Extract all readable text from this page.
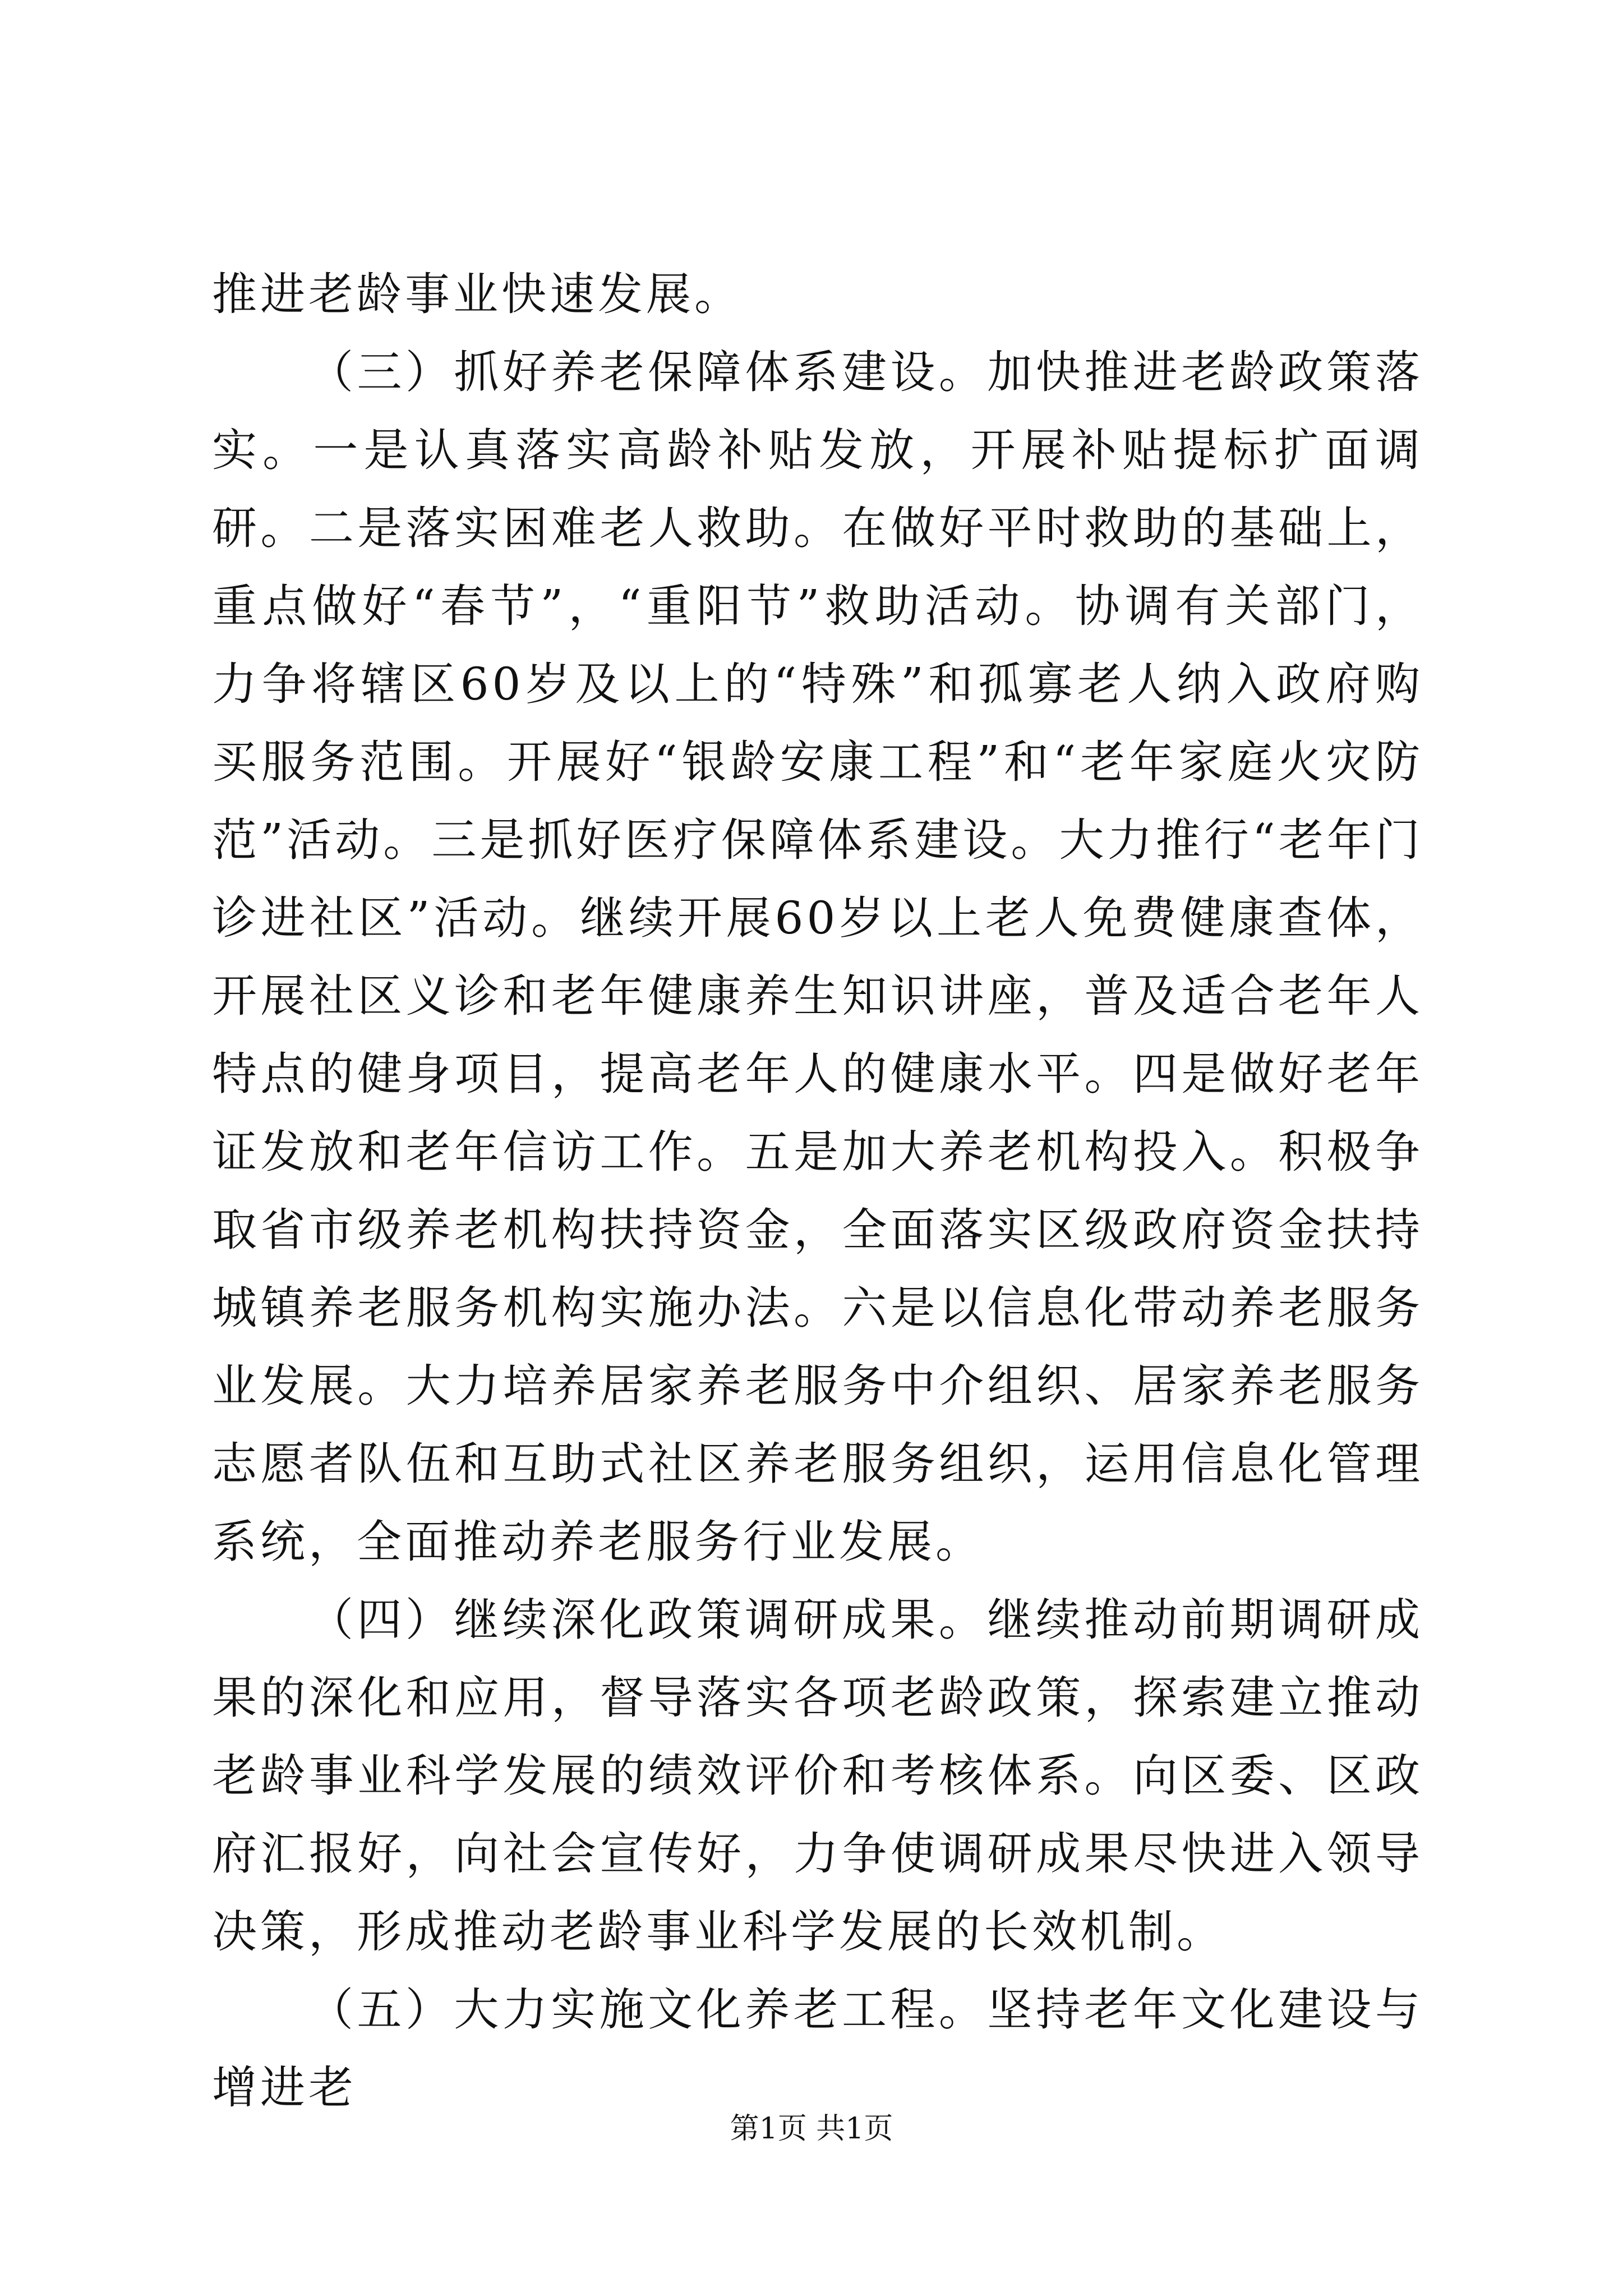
推进老龄事业快速发展。

（三）抓好养老保障体系建设。加快推进老龄政策落实。一是认真落实高龄补贴发放，开展补贴提标扩面调研。二是落实困难老人救助。在做好平时救助的基础上，重点做好“春节”，“重阳节”救助活动。协调有关部门，力争将辖区60岁及以上的“特殊”和孤寡老人纳入政府购买服务范围。开展好“银龄安康工程”和“老年家庭火灾防范”活动。三是抓好医疗保障体系建设。大力推行“老年门诊进社区”活动。继续开展60岁以上老人免费健康查体，开展社区义诊和老年健康养生知识讲座，普及适合老年人特点的健身项目，提高老年人的健康水平。四是做好老年证发放和老年信访工作。五是加大养老机构投入。积极争取省市级养老机构扶持资金，全面落实区级政府资金扶持城镇养老服务机构实施办法。六是以信息化带动养老服务业发展。大力培养居家养老服务中介组织、居家养老服务志愿者队伍和互助式社区养老服务组织，运用信息化管理系统，全面推动养老服务行业发展。

（四）继续深化政策调研成果。继续推动前期调研成果的深化和应用，督导落实各项老龄政策，探索建立推动老龄事业科学发展的绩效评价和考核体系。向区委、区政府汇报好，向社会宣传好，力争使调研成果尽快进入领导决策，形成推动老龄事业科学发展的长效机制。

（五）大力实施文化养老工程。坚持老年文化建设与增进老

第1页 共1页
